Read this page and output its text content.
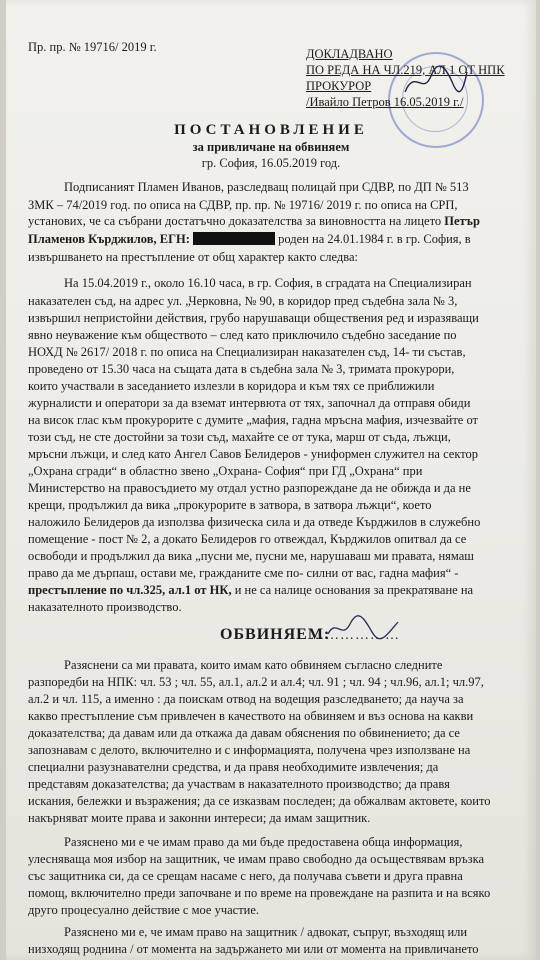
Пр. пр. № 19716/ 2019 г.	ДОКЛАДВАНО
ПО РЕДА НА ЧЛ.219, АЛ.1 ОТ НПК
ПРОКУРОР
/Ивайло Петров 16.05.2019 г./
ПОСТАНОВЛЕНИЕ
за привличане на обвиняем
гр. София, 16.05.2019 год.
Подписаният Пламен Иванов, разследващ полицай при СДВР, по ДП № 513
ЗМК – 74/2019 год. по описа на СДВР, пр. пр. № 19716/ 2019 г. по описа на СРП,
установих, че са събрани достатъчно доказателства за виновността на лицето Петър
Пламенов Кърджилов, ЕГН:	роден на 24.01.1984 г. в гр. София, в
извършването на престъпление от общ характер както следва:
На 15.04.2019 г., около 16.10 часа, в гр. София, в сградата на Специализиран
наказателен съд, на адрес ул. „Черковна, № 90, в коридор пред съдебна зала № 3,
извършил непристойни действия, грубо нарушаващи обществения ред и изразяващи
явно неуважение към обществото – след като приключило съдебно заседание по
НОХД № 2617/ 2018 г. по описа на Специализиран наказателен съд, 14- ти състав,
проведено от 15.30 часа на същата дата в съдебна зала № 3, тримата прокурори,
които участвали в заседанието излезли в коридора и към тях се приближили
журналисти и оператори за да вземат интервюта от тях, започнал да отправя обиди
на висок глас към прокурорите с думите „мафия, гадна мръсна мафия, изчезвайте от
този съд, не сте достойни за този съд, махайте се от тука, марш от съда, лъжци,
мръсни лъжци, и след като Ангел Савов Белидеров - униформен служител на сектор
„Охрана сгради“ в областно звено „Охрана- София“ при ГД „Охрана“ при
Министерство на правосъдието му отдал устно разпореждане да не обижда и да не
крещи, продължил да вика „прокурорите в затвора, в затвора лъжци“, което
наложило Белидеров да използва физическа сила и да отведе Кърджилов в служебно
помещение - пост № 2, а докато Белидеров го отвеждал, Кърджилов опитвал да се
освободи и продължил да вика „пусни ме, пусни ме, нарушаваш ми правата, нямаш
право да ме дърпаш, остави ме, гражданите сме по- силни от вас, гадна мафия“ -
престъпление по чл.325, ал.1 от НК, и не са налице основания за прекратяване на
наказателното производство.
ОБВИНЯЕМ:
………………
Разяснени са ми правата, които имам като обвиняем съгласно следните
разпоредби на НПК: чл. 53 ; чл. 55, ал.1, ал.2 и ал.4; чл. 91 ; чл. 94 ; чл.96, ал.1; чл.97,
ал.2 и чл. 115, а именно : да поискам отвод на водещия разследването; да науча за
какво престъпление съм привлечен в качеството на обвиняем и въз основа на какви
доказателства; да давам или да откажа да давам обяснения по обвинението; да се
запознавам с делото, включително и с информацията, получена чрез използване на
специални разузнавателни средства, и да правя необходимите извлечения; да
представям доказателства; да участвам в наказателното производство; да правя
искания, бележки и възражения; да се изказвам последен; да обжалвам актовете, които
накърняват моите права и законни интереси; да имам защитник.
Разяснено ми е че имам право да ми бъде предоставена обща информация,
улесняваща моя избор на защитник, че имам право свободно да осъществявам връзка
със защитника си, да се срещам насаме с него, да получава съвети и друга правна
помощ, включително преди започване и по време на провеждане на разпита и на всяко
друго процесуално действие с мое участие.
Разяснено ми е, че имам право на защитник / адвокат, съпруг, възходящ или
низходящ роднина / от момента на задържането ми или от момента на привличането
